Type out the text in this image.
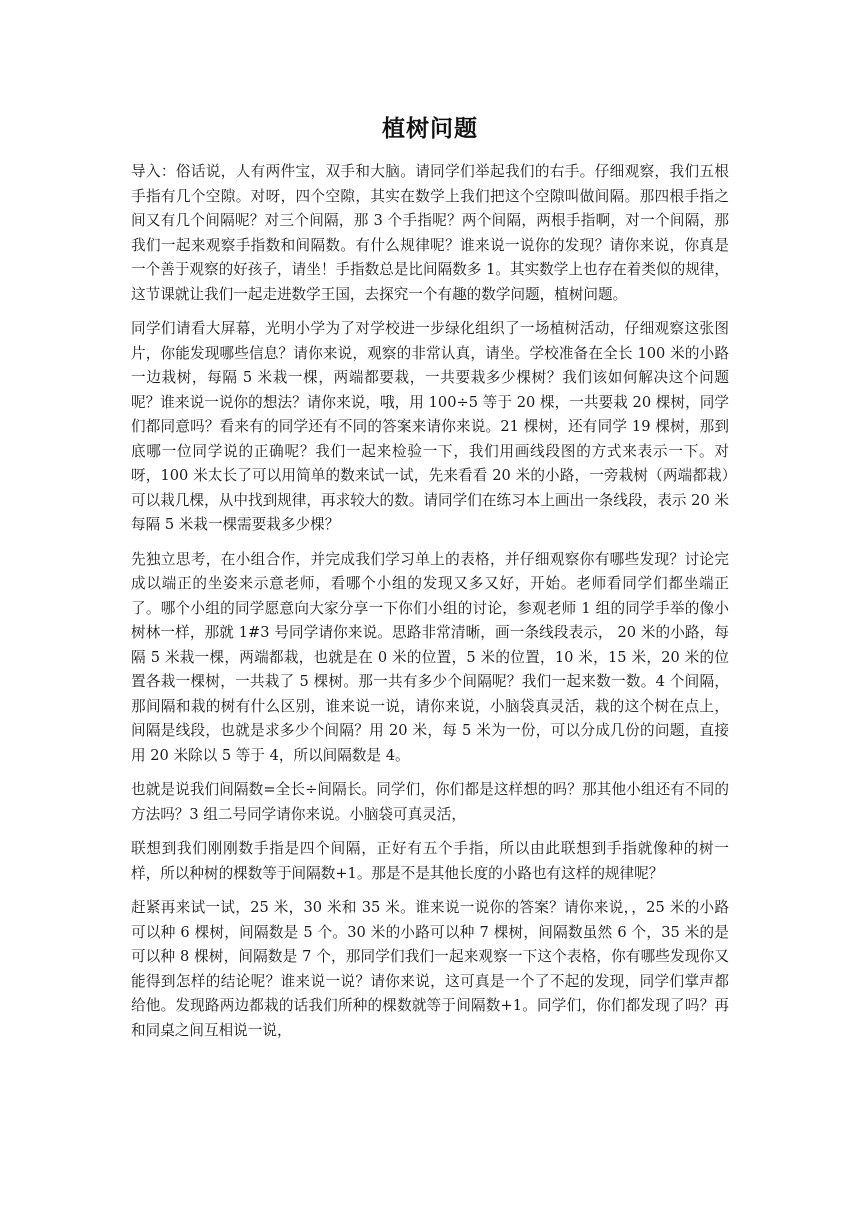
植树问题

导入：俗话说，人有两件宝，双手和大脑。请同学们举起我们的右手。仔细观察，我们五根手指有几个空隙。对呀，四个空隙，其实在数学上我们把这个空隙叫做间隔。那四根手指之间又有几个间隔呢？对三个间隔，那 3 个手指呢？两个间隔，两根手指啊，对一个间隔，那我们一起来观察手指数和间隔数。有什么规律呢？谁来说一说你的发现？请你来说，你真是一个善于观察的好孩子，请坐！手指数总是比间隔数多 1。其实数学上也存在着类似的规律，这节课就让我们一起走进数学王国，去探究一个有趣的数学问题，植树问题。

同学们请看大屏幕，光明小学为了对学校进一步绿化组织了一场植树活动，仔细观察这张图片，你能发现哪些信息？请你来说，观察的非常认真，请坐。学校准备在全长 100 米的小路一边栽树，每隔 5 米栽一棵，两端都要栽，一共要栽多少棵树？我们该如何解决这个问题呢？谁来说一说你的想法？请你来说，哦，用 100÷5 等于 20 棵，一共要栽 20 棵树，同学们都同意吗？看来有的同学还有不同的答案来请你来说。21 棵树，还有同学 19 棵树，那到底哪一位同学说的正确呢？我们一起来检验一下，我们用画线段图的方式来表示一下。对呀，100 米太长了可以用简单的数来试一试，先来看看 20 米的小路，一旁栽树（两端都栽）可以栽几棵，从中找到规律，再求较大的数。请同学们在练习本上画出一条线段，表示 20 米每隔 5 米栽一棵需要栽多少棵？

先独立思考，在小组合作，并完成我们学习单上的表格，并仔细观察你有哪些发现？讨论完成以端正的坐姿来示意老师，看哪个小组的发现又多又好，开始。老师看同学们都坐端正了。哪个小组的同学愿意向大家分享一下你们小组的讨论，参观老师 1 组的同学手举的像小树林一样，那就 1#3 号同学请你来说。思路非常清晰，画一条线段表示， 20 米的小路，每隔 5 米栽一棵，两端都栽，也就是在 0 米的位置，5 米的位置，10 米，15 米，20 米的位置各栽一棵树，一共栽了 5 棵树。那一共有多少个间隔呢？我们一起来数一数。4 个间隔，那间隔和栽的树有什么区别，谁来说一说，请你来说，小脑袋真灵活，栽的这个树在点上，间隔是线段，也就是求多少个间隔？用 20 米，每 5 米为一份，可以分成几份的问题，直接用 20 米除以 5 等于 4，所以间隔数是 4。

也就是说我们间隔数=全长÷间隔长。同学们，你们都是这样想的吗？那其他小组还有不同的方法吗？3 组二号同学请你来说。小脑袋可真灵活，

联想到我们刚刚数手指是四个间隔，正好有五个手指，所以由此联想到手指就像种的树一样，所以种树的棵数等于间隔数+1。那是不是其他长度的小路也有这样的规律呢？

赶紧再来试一试，25 米，30 米和 35 米。谁来说一说你的答案？请你来说，，25 米的小路可以种 6 棵树，间隔数是 5 个。30 米的小路可以种 7 棵树，间隔数虽然 6 个，35 米的是可以种 8 棵树，间隔数是 7 个，那同学们我们一起来观察一下这个表格，你有哪些发现你又能得到怎样的结论呢？谁来说一说？请你来说，这可真是一个了不起的发现，同学们掌声都给他。发现路两边都栽的话我们所种的棵数就等于间隔数+1。同学们，你们都发现了吗？再和同桌之间互相说一说，
